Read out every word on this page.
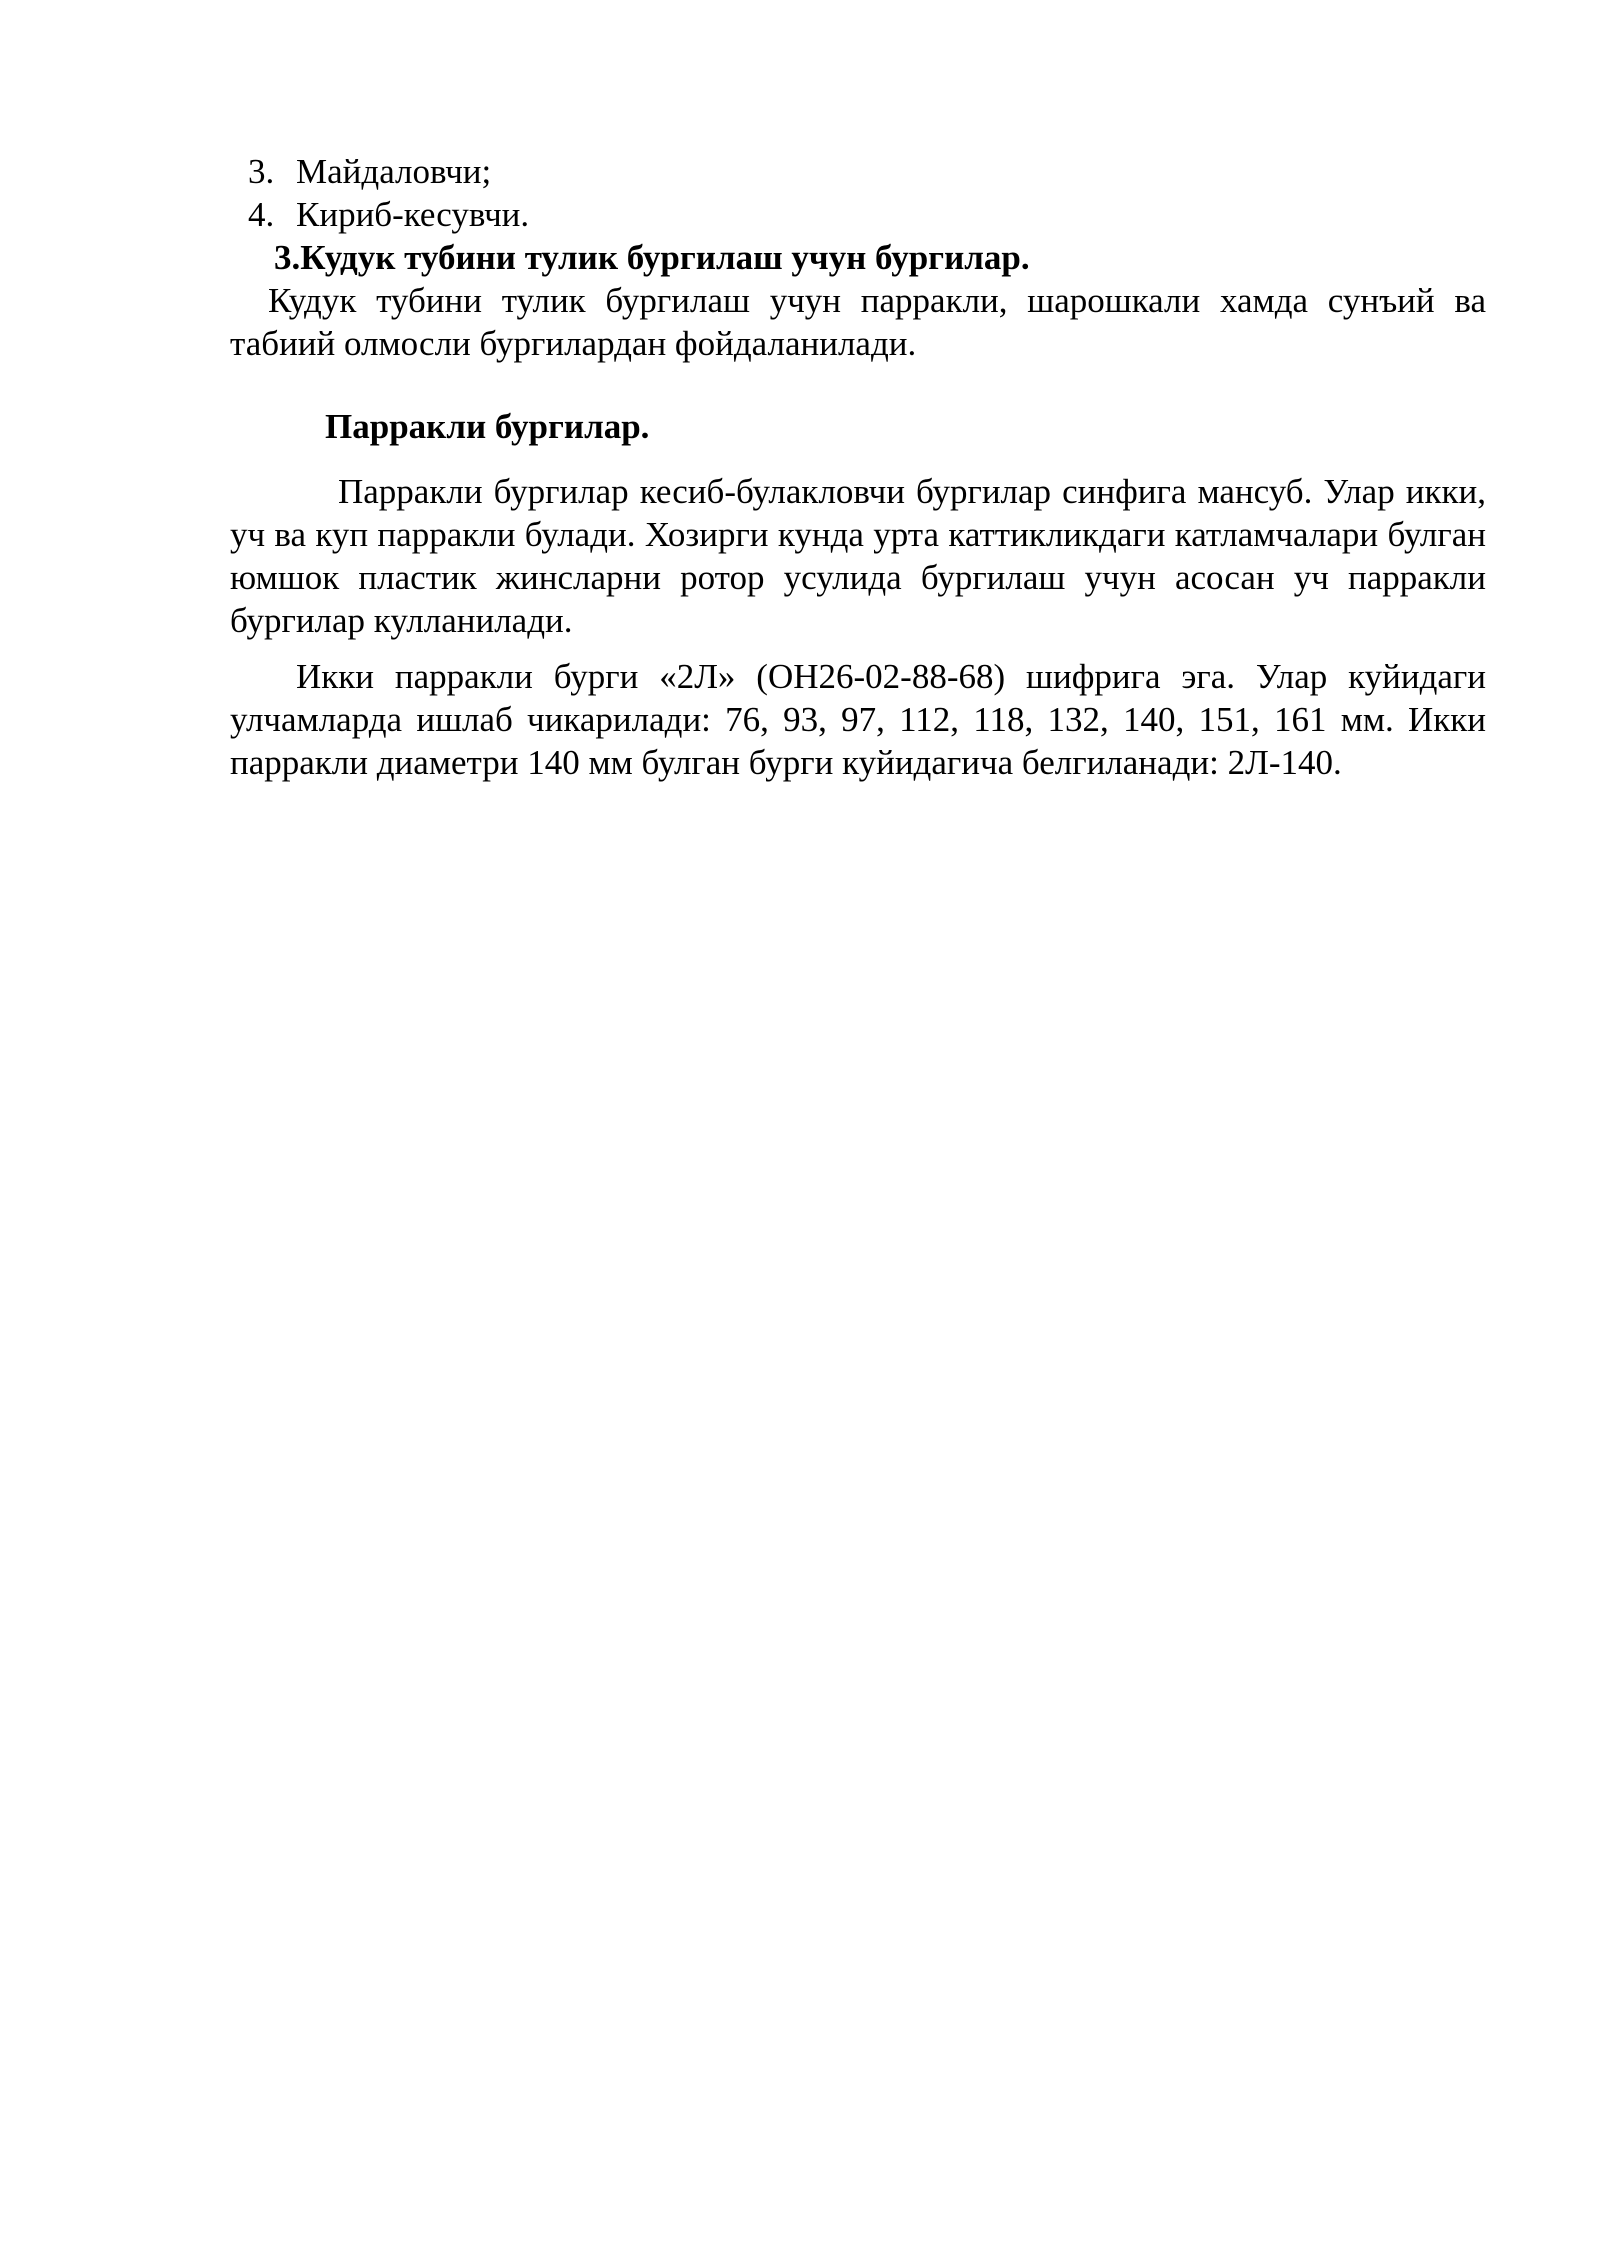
3. Майдаловчи;

4. Кириб-кесувчи.

3.Кудук тубини тулик бургилаш учун бургилар.

Кудук тубини тулик бургилаш учун парракли, шарошкали хамда сунъий ва табиий олмосли бургилардан фойдаланилади.

Парракли бургилар.

Парракли бургилар кесиб-булакловчи бургилар синфига мансуб. Улар икки, уч ва куп парракли булади. Хозирги кунда урта каттикликдаги катламчалари булган юмшок пластик жинсларни ротор усулида бургилаш учун асосан уч парракли бургилар кулланилади.

Икки парракли бурги «2Л» (ОН26-02-88-68) шифрига эга. Улар куйидаги улчамларда ишлаб чикарилади: 76, 93, 97, 112, 118, 132, 140, 151, 161 мм. Икки парракли диаметри 140 мм булган бурги куйидагича белгиланади: 2Л-140.
